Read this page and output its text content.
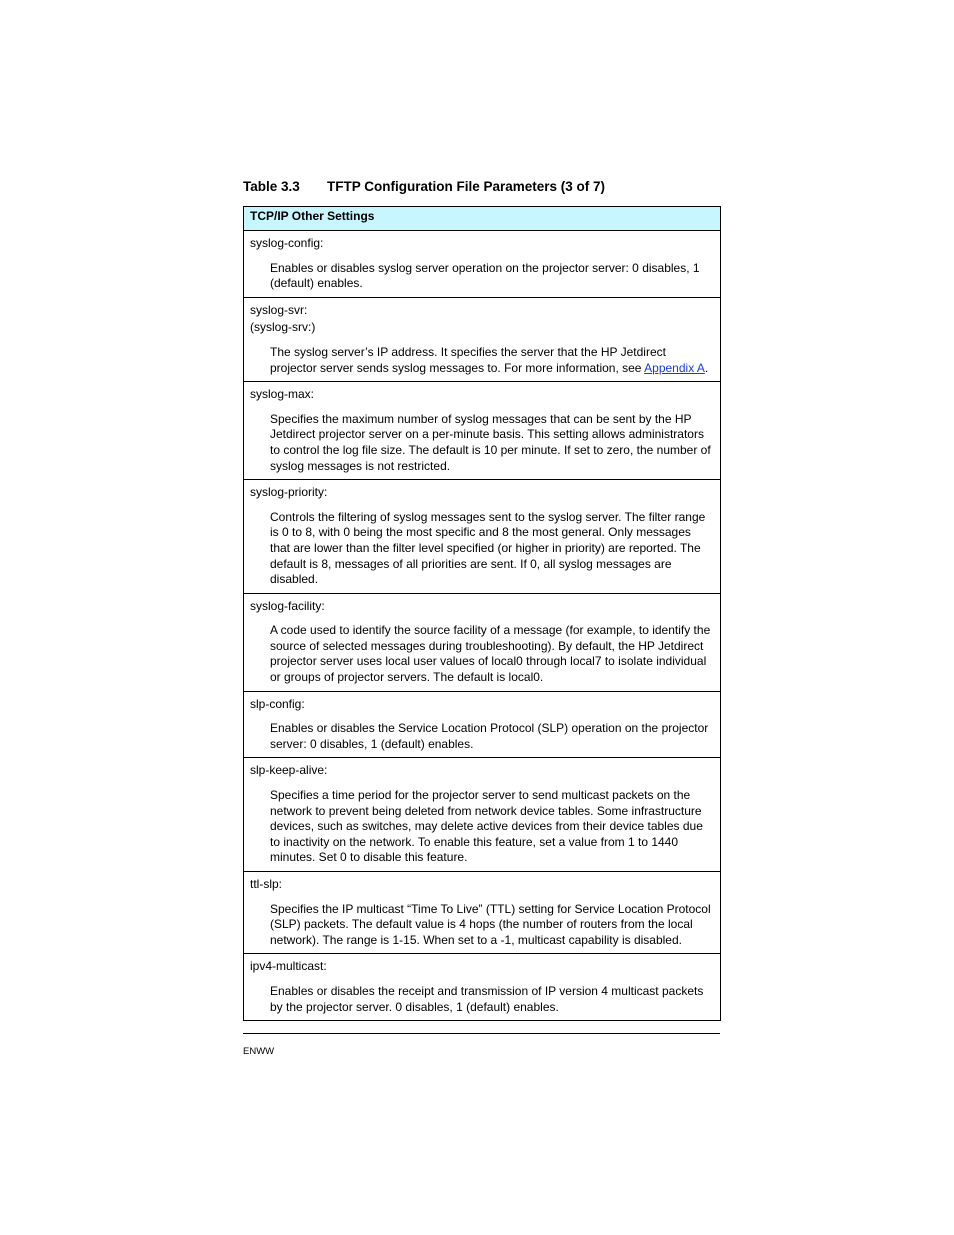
Table 3.3 TFTP Configuration File Parameters (3 of 7)
TCP/IP Other Settings

syslog-config:

Enables or disables syslog server operation on the projector server: 0 disables, 1 (default) enables.

syslog-svr:

(syslog-srv:)

The syslog server’s IP address. It specifies the server that the HP Jetdirect projector server sends syslog messages to. For more information, see Appendix A.

syslog-max:

Specifies the maximum number of syslog messages that can be sent by the HP Jetdirect projector server on a per-minute basis. This setting allows administrators to control the log file size. The default is 10 per minute. If set to zero, the number of syslog messages is not restricted.

syslog-priority:

Controls the filtering of syslog messages sent to the syslog server. The filter range is 0 to 8, with 0 being the most specific and 8 the most general. Only messages that are lower than the filter level specified (or higher in priority) are reported. The default is 8, messages of all priorities are sent. If 0, all syslog messages are disabled.

syslog-facility:

A code used to identify the source facility of a message (for example, to identify the source of selected messages during troubleshooting). By default, the HP Jetdirect projector server uses local user values of local0 through local7 to isolate individual or groups of projector servers. The default is local0.

slp-config:

Enables or disables the Service Location Protocol (SLP) operation on the projector server: 0 disables, 1 (default) enables.

slp-keep-alive:

Specifies a time period for the projector server to send multicast packets on the network to prevent being deleted from network device tables. Some infrastructure devices, such as switches, may delete active devices from their device tables due to inactivity on the network. To enable this feature, set a value from 1 to 1440 minutes. Set 0 to disable this feature.

ttl-slp:

Specifies the IP multicast “Time To Live” (TTL) setting for Service Location Protocol (SLP) packets. The default value is 4 hops (the number of routers from the local network). The range is 1-15. When set to a -1, multicast capability is disabled.

ipv4-multicast:

Enables or disables the receipt and transmission of IP version 4 multicast packets by the projector server. 0 disables, 1 (default) enables.

ENWW
